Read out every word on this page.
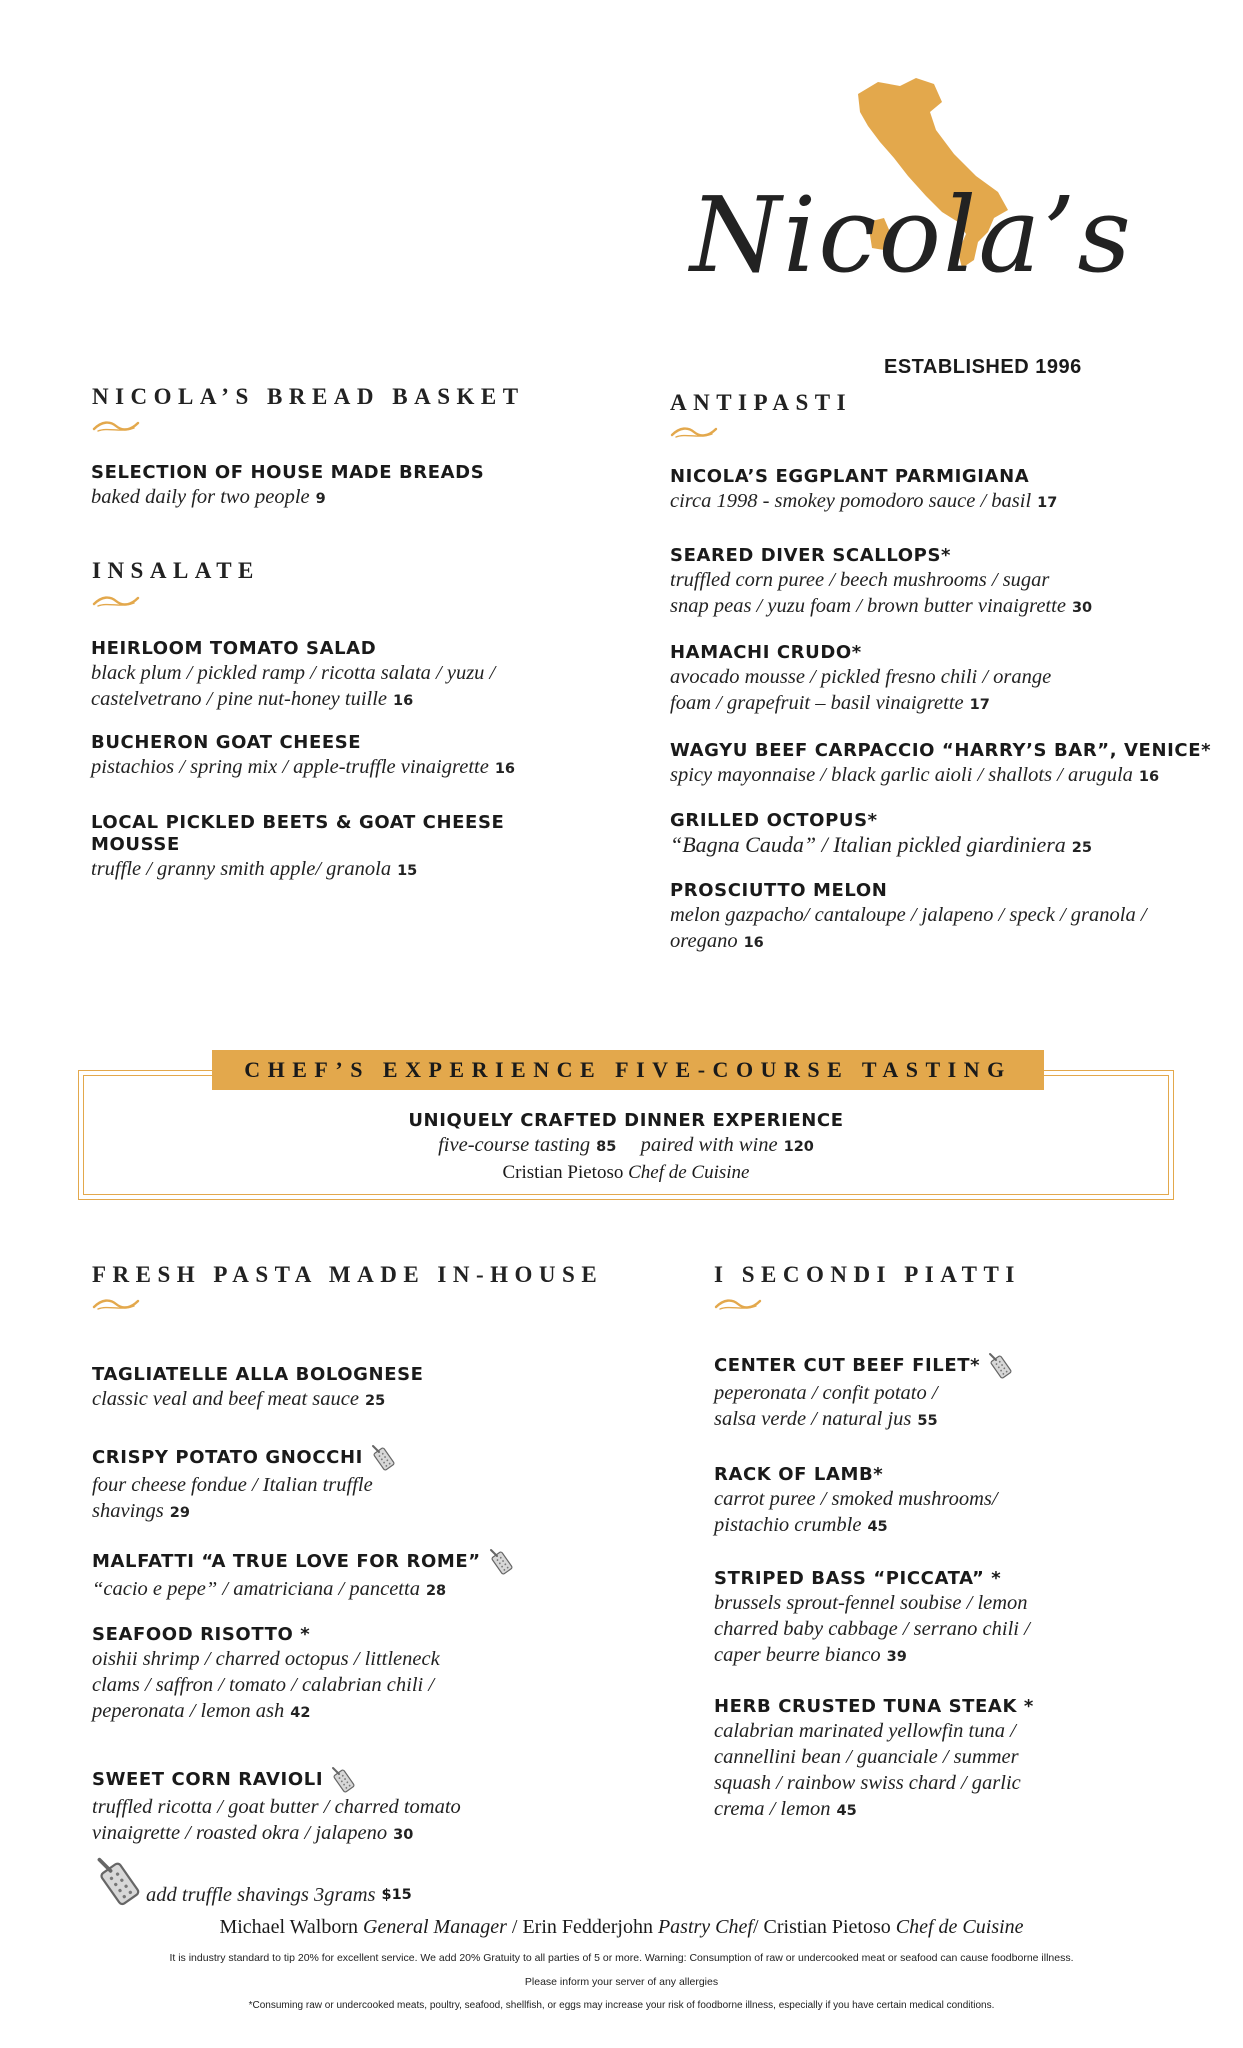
Nicola’s
ESTABLISHED 1996
NICOLA’S BREAD BASKET
SELECTION OF HOUSE MADE BREADS
baked daily for two people 9
INSALATE
HEIRLOOM TOMATO SALAD
black plum / pickled ramp / ricotta salata / yuzu /
castelvetrano / pine nut-honey tuille 16
BUCHERON GOAT CHEESE
pistachios / spring mix / apple-truffle vinaigrette 16
LOCAL PICKLED BEETS & GOAT CHEESE
MOUSSE
truffle / granny smith apple/ granola 15
ANTIPASTI
NICOLA’S EGGPLANT PARMIGIANA
circa 1998 - smokey pomodoro sauce / basil 17
SEARED DIVER SCALLOPS*
truffled corn puree / beech mushrooms / sugar
snap peas / yuzu foam / brown butter vinaigrette 30
HAMACHI CRUDO*
avocado mousse / pickled fresno chili / orange
foam / grapefruit – basil vinaigrette 17
WAGYU BEEF CARPACCIO “HARRY’S BAR”, VENICE*
spicy mayonnaise / black garlic aioli / shallots / arugula 16
GRILLED OCTOPUS*
“Bagna Cauda” / Italian pickled giardiniera 25
PROSCIUTTO MELON
melon gazpacho/ cantaloupe / jalapeno / speck / granola /
oregano 16
CHEF’S EXPERIENCE FIVE-COURSE TASTING
UNIQUELY CRAFTED DINNER EXPERIENCE
five-course tasting 85 paired with wine 120
Cristian Pietoso Chef de Cuisine
FRESH PASTA MADE IN-HOUSE
TAGLIATELLE ALLA BOLOGNESE
classic veal and beef meat sauce 25
CRISPY POTATO GNOCCHI
four cheese fondue / Italian truffle
shavings 29
MALFATTI “A TRUE LOVE FOR ROME”
“cacio e pepe” / amatriciana / pancetta 28
SEAFOOD RISOTTO *
oishii shrimp / charred octopus / littleneck
clams / saffron / tomato / calabrian chili /
peperonata / lemon ash 42
SWEET CORN RAVIOLI
truffled ricotta / goat butter / charred tomato
vinaigrette / roasted okra / jalapeno 30
add truffle shavings 3grams $15
I SECONDI PIATTI
CENTER CUT BEEF FILET*
peperonata / confit potato /
salsa verde / natural jus 55
RACK OF LAMB*
carrot puree / smoked mushrooms/
pistachio crumble 45
STRIPED BASS “PICCATA” *
brussels sprout-fennel soubise / lemon
charred baby cabbage / serrano chili /
caper beurre bianco 39
HERB CRUSTED TUNA STEAK *
calabrian marinated yellowfin tuna /
cannellini bean / guanciale / summer
squash / rainbow swiss chard / garlic
crema / lemon 45
Michael Walborn General Manager / Erin Fedderjohn Pastry Chef/ Cristian Pietoso Chef de Cuisine
It is industry standard to tip 20% for excellent service. We add 20% Gratuity to all parties of 5 or more. Warning: Consumption of raw or undercooked meat or seafood can cause foodborne illness.
Please inform your server of any allergies
*Consuming raw or undercooked meats, poultry, seafood, shellfish, or eggs may increase your risk of foodborne illness, especially if you have certain medical conditions.
